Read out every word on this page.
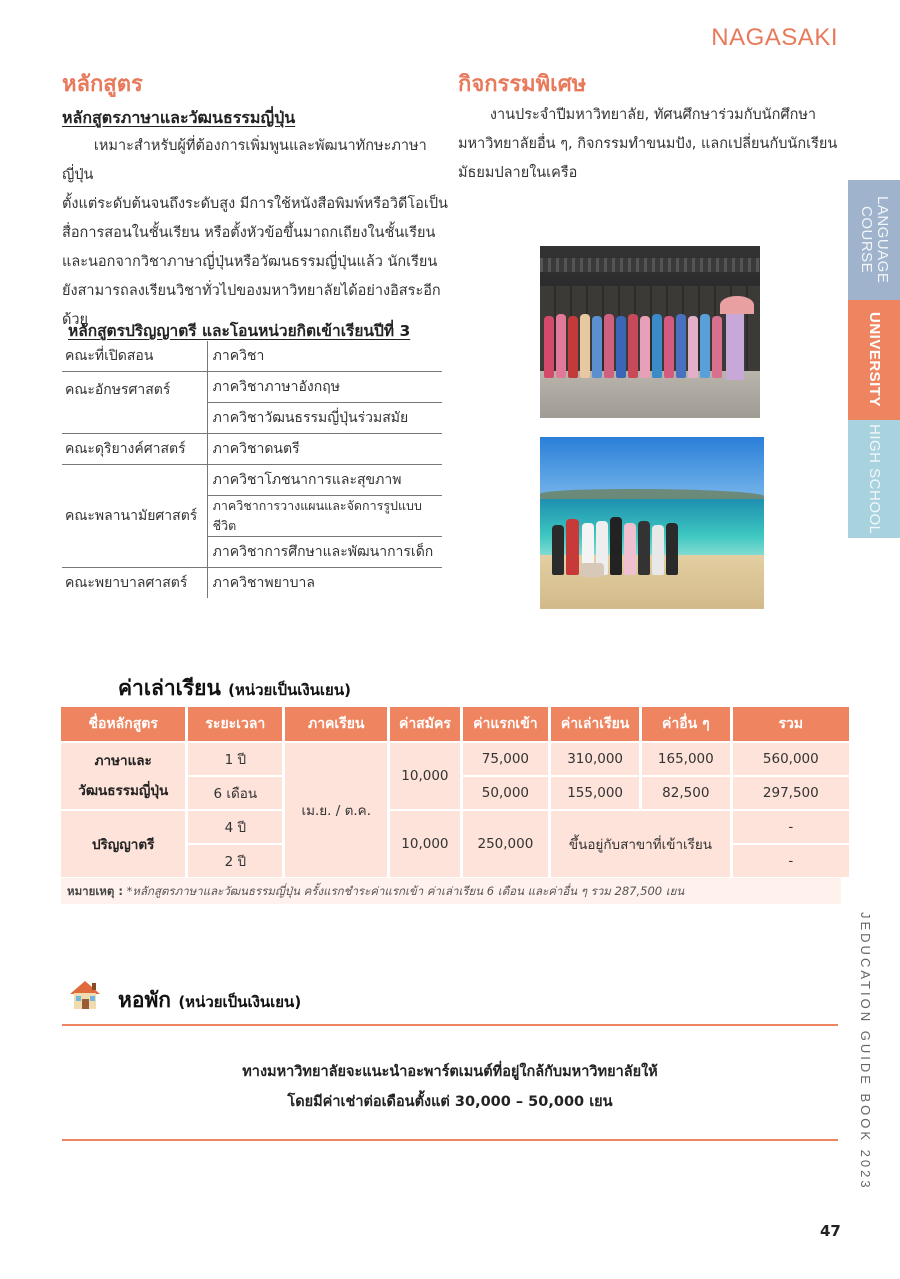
NAGASAKI
หลักสูตร
หลักสูตรภาษาและวัฒนธรรมญี่ปุ่น
เหมาะสำหรับผู้ที่ต้องการเพิ่มพูนและพัฒนาทักษะภาษาญี่ปุ่น
ตั้งแต่ระดับต้นจนถึงระดับสูง มีการใช้หนังสือพิมพ์หรือวิดีโอเป็น
สื่อการสอนในชั้นเรียน หรือตั้งหัวข้อขึ้นมาถกเถียงในชั้นเรียน
และนอกจากวิชาภาษาญี่ปุ่นหรือวัฒนธรรมญี่ปุ่นแล้ว นักเรียน
ยังสามารถลงเรียนวิชาทั่วไปของมหาวิทยาลัยได้อย่างอิสระอีก
ด้วย
หลักสูตรปริญญาตรี และโอนหน่วยกิตเข้าเรียนปีที่ 3
คณะที่เปิดสอน	ภาควิชา
คณะอักษรศาสตร์	ภาควิชาภาษาอังกฤษ
	ภาควิชาวัฒนธรรมญี่ปุ่นร่วมสมัย
คณะดุริยางค์ศาสตร์	ภาควิชาดนตรี
คณะพลานามัยศาสตร์	ภาควิชาโภชนาการและสุขภาพ
	ภาควิชาการวางแผนและจัดการรูปแบบชีวิต
	ภาควิชาการศึกษาและพัฒนาการเด็ก
คณะพยาบาลศาสตร์	ภาควิชาพยาบาล
กิจกรรมพิเศษ
งานประจำปีมหาวิทยาลัย, ทัศนศึกษาร่วมกับนักศึกษา
มหาวิทยาลัยอื่น ๆ, กิจกรรมทำขนมปัง, แลกเปลี่ยนกับนักเรียน
มัธยมปลายในเครือ
LANGUAGE COURSE
UNIVERSITY
HIGH SCHOOL
ค่าเล่าเรียน (หน่วยเป็นเงินเยน)
ชื่อหลักสูตร	ระยะเวลา	ภาคเรียน	ค่าสมัคร	ค่าแรกเข้า	ค่าเล่าเรียน	ค่าอื่น ๆ	รวม

ภาษาและ
วัฒนธรรมญี่ปุ่น	1 ปี	เม.ย. / ต.ค.	10,000	75,000	310,000	165,000	560,000
	6 เดือน			50,000	155,000	82,500	297,500
ปริญญาตรี	4 ปี		10,000	250,000	ขึ้นอยู่กับสาขาที่เข้าเรียน		-
	2 ปี						-
หมายเหตุ : *หลักสูตรภาษาและวัฒนธรรมญี่ปุ่น ครั้งแรกชำระค่าแรกเข้า ค่าเล่าเรียน 6 เดือน และค่าอื่น ๆ รวม 287,500 เยน
หอพัก (หน่วยเป็นเงินเยน)
ทางมหาวิทยาลัยจะแนะนำอะพาร์ตเมนต์ที่อยู่ใกล้กับมหาวิทยาลัยให้
โดยมีค่าเช่าต่อเดือนตั้งแต่ 30,000 – 50,000 เยน	JEDUCATION GUIDE BOOK 2023
47
